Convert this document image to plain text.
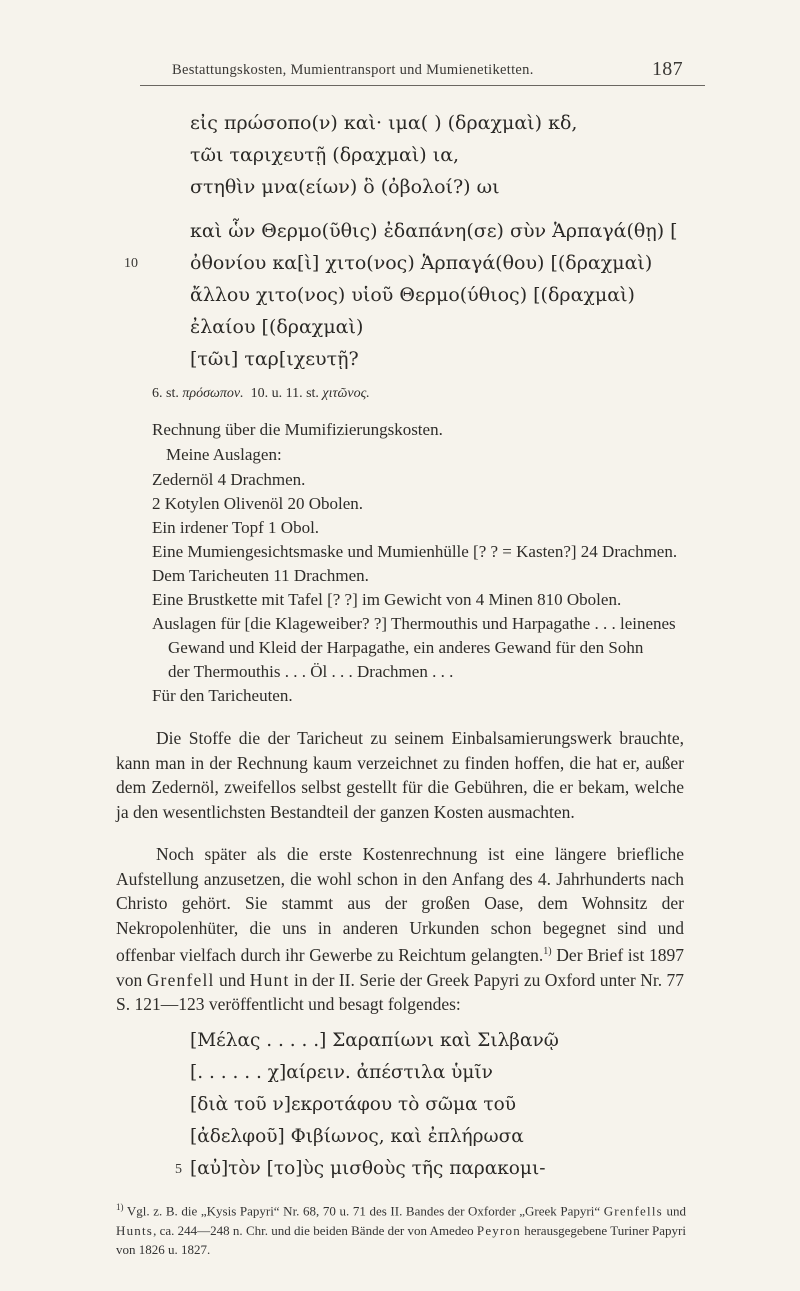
Bestattungskosten, Mumientransport und Mumienetiketten.	187
εἰς πρώσοπο(ν) καὶ· ιμα( ) (δραχμαὶ) κδ,
τῶι ταριχευτῇ (δραχμαὶ) ια,
στηθὶν μνα(είων) ὃ (ὀβολοί?) ωι
καὶ ὧν Θερμο(ῦθις) ἐδαπάνη(σε) σὺν Ἁρπαγά(θῃ) [
10	ὀθονίου κα[ὶ] χιτο(νος) Ἁρπαγά(θου) [(δραχμαὶ)
ἄλλου χιτο(νος) υἱοῦ Θερμο(ύθιος) [(δραχμαὶ)
ἐλαίου [(δραχμαὶ)
[τῶι] ταρ[ιχευτῇ?
6. st. πρόσωπον. 10. u. 11. st. χιτῶνος.
Rechnung über die Mumifizierungskosten.
Meine Auslagen:
Zedernöl 4 Drachmen.
2 Kotylen Olivenöl 20 Obolen.
Ein irdener Topf 1 Obol.
Eine Mumiengesichtsmaske und Mumienhülle [? ? = Kasten?] 24 Drachmen.
Dem Taricheuten 11 Drachmen.
Eine Brustkette mit Tafel [? ?] im Gewicht von 4 Minen 810 Obolen.
Auslagen für [die Klageweiber? ?] Thermouthis und Harpagathe . . . leinenes
Gewand und Kleid der Harpagathe, ein anderes Gewand für den Sohn
der Thermouthis . . . Öl . . . Drachmen . . .
Für den Taricheuten.
Die Stoffe die der Taricheut zu seinem Einbalsamierungswerk brauchte, kann man in der Rechnung kaum verzeichnet zu finden hoffen, die hat er, außer dem Zedernöl, zweifellos selbst gestellt für die Gebühren, die er bekam, welche ja den wesentlichsten Bestandteil der ganzen Kosten ausmachten.
Noch später als die erste Kostenrechnung ist eine längere briefliche Aufstellung anzusetzen, die wohl schon in den Anfang des 4. Jahrhunderts nach Christo gehört. Sie stammt aus der großen Oase, dem Wohnsitz der Nekropolenhüter, die uns in anderen Urkunden schon begegnet sind und offenbar vielfach durch ihr Gewerbe zu Reichtum gelangten.$^{1)}$ Der Brief ist 1897 von Grenfell und Hunt in der II. Serie der Greek Papyri zu Oxford unter Nr. 77 S. 121—123 veröffentlicht und besagt folgendes:
[Μέλας . . . . .] Σαραπίωνι καὶ Σιλβανῷ
[. . . . . . χ]αίρειν. ἀπέστιλα ὑμῖν
[διὰ τοῦ ν]εκροτάφου τὸ σῶμα τοῦ
[ἀδελφοῦ] Φιβίωνος, καὶ ἐπλήρωσα
5 [αὐ]τὸν [το]ὺς μισθοὺς τῆς παρακομι-
$^{1)}$ Vgl. z. B. die „Kysis Papyri“ Nr. 68, 70 u. 71 des II. Bandes der Oxforder „Greek Papyri“ Grenfells und Hunts, ca. 244—248 n. Chr. und die beiden Bände der von Amedeo Peyron herausgegebene Turiner Papyri von 1826 u. 1827.
